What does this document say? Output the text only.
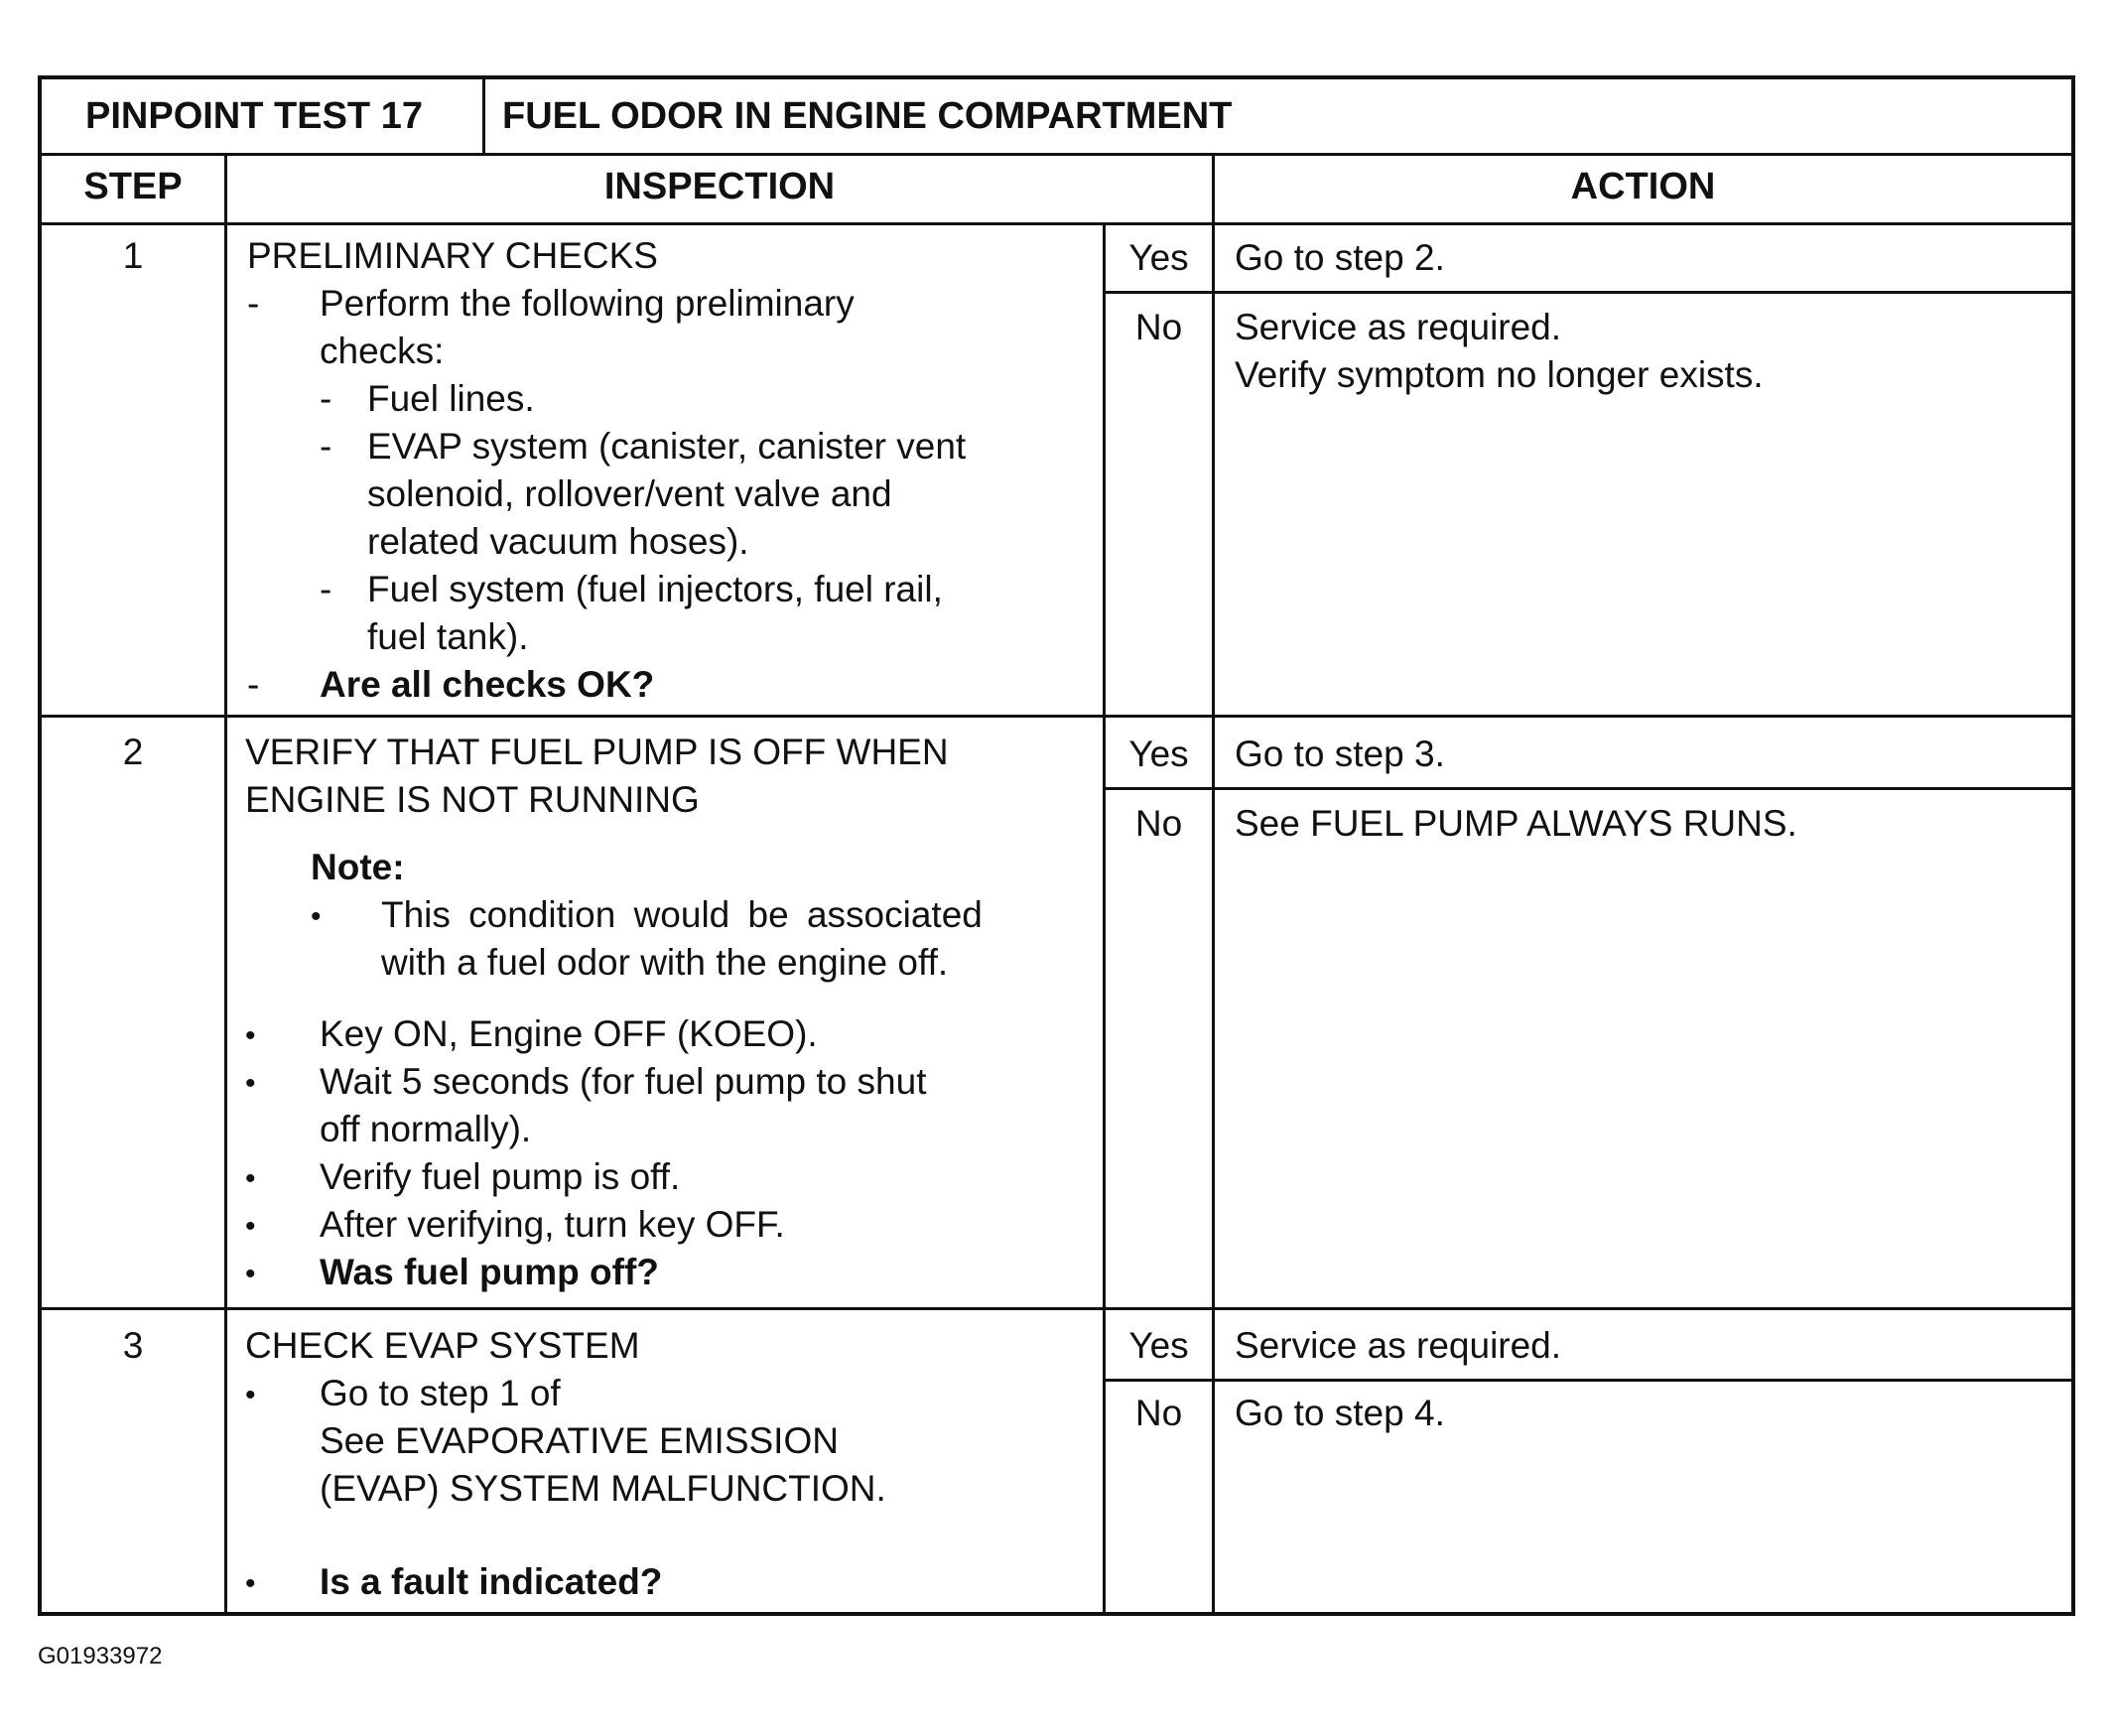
PINPOINT TEST 17 FUEL ODOR IN ENGINE COMPARTMENT
STEP	INSPECTION	ACTION
1	PRELIMINARY CHECKS
- Perform the following preliminary
checks:
- Fuel lines.
- EVAP system (canister, canister vent
solenoid, rollover/vent valve and
related vacuum hoses).
- Fuel system (fuel injectors, fuel rail,
fuel tank).
- Are all checks OK?
Yes	Go to step 2.
No	Service as required.
Verify symptom no longer exists.
2	VERIFY THAT FUEL PUMP IS OFF WHEN
ENGINE IS NOT RUNNING
Note:
• This condition would be associated
with a fuel odor with the engine off.
• Key ON, Engine OFF (KOEO).
• Wait 5 seconds (for fuel pump to shut
off normally).
• Verify fuel pump is off.
• After verifying, turn key OFF.
• Was fuel pump off?
Yes	Go to step 3.
No	See FUEL PUMP ALWAYS RUNS.
3	CHECK EVAP SYSTEM
• Go to step 1 of
See EVAPORATIVE EMISSION
(EVAP) SYSTEM MALFUNCTION.
• Is a fault indicated?
Yes	Service as required.
No	Go to step 4.
G01933972
